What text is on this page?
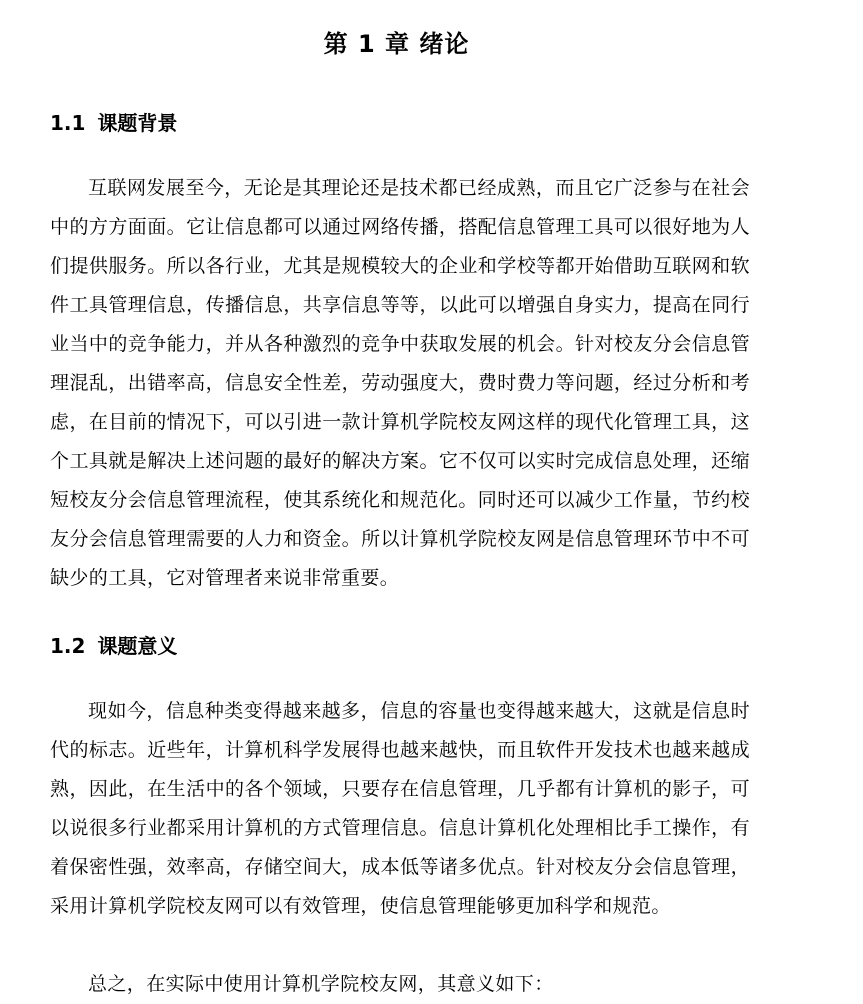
第 1 章 绪论
1.1 课题背景

互联网发展至今，无论是其理论还是技术都已经成熟，而且它广泛参与在社会中的方方面面。它让信息都可以通过网络传播，搭配信息管理工具可以很好地为人们提供服务。所以各行业，尤其是规模较大的企业和学校等都开始借助互联网和软件工具管理信息，传播信息，共享信息等等，以此可以增强自身实力，提高在同行业当中的竞争能力，并从各种激烈的竞争中获取发展的机会。针对校友分会信息管理混乱，出错率高，信息安全性差，劳动强度大，费时费力等问题，经过分析和考虑，在目前的情况下，可以引进一款计算机学院校友网这样的现代化管理工具，这个工具就是解决上述问题的最好的解决方案。它不仅可以实时完成信息处理，还缩短校友分会信息管理流程，使其系统化和规范化。同时还可以减少工作量，节约校友分会信息管理需要的人力和资金。所以计算机学院校友网是信息管理环节中不可缺少的工具，它对管理者来说非常重要。

1.2 课题意义

现如今，信息种类变得越来越多，信息的容量也变得越来越大，这就是信息时代的标志。近些年，计算机科学发展得也越来越快，而且软件开发技术也越来越成熟，因此，在生活中的各个领域，只要存在信息管理，几乎都有计算机的影子，可以说很多行业都采用计算机的方式管理信息。信息计算机化处理相比手工操作，有着保密性强，效率高，存储空间大，成本低等诸多优点。针对校友分会信息管理，采用计算机学院校友网可以有效管理，使信息管理能够更加科学和规范。

总之，在实际中使用计算机学院校友网，其意义如下：
